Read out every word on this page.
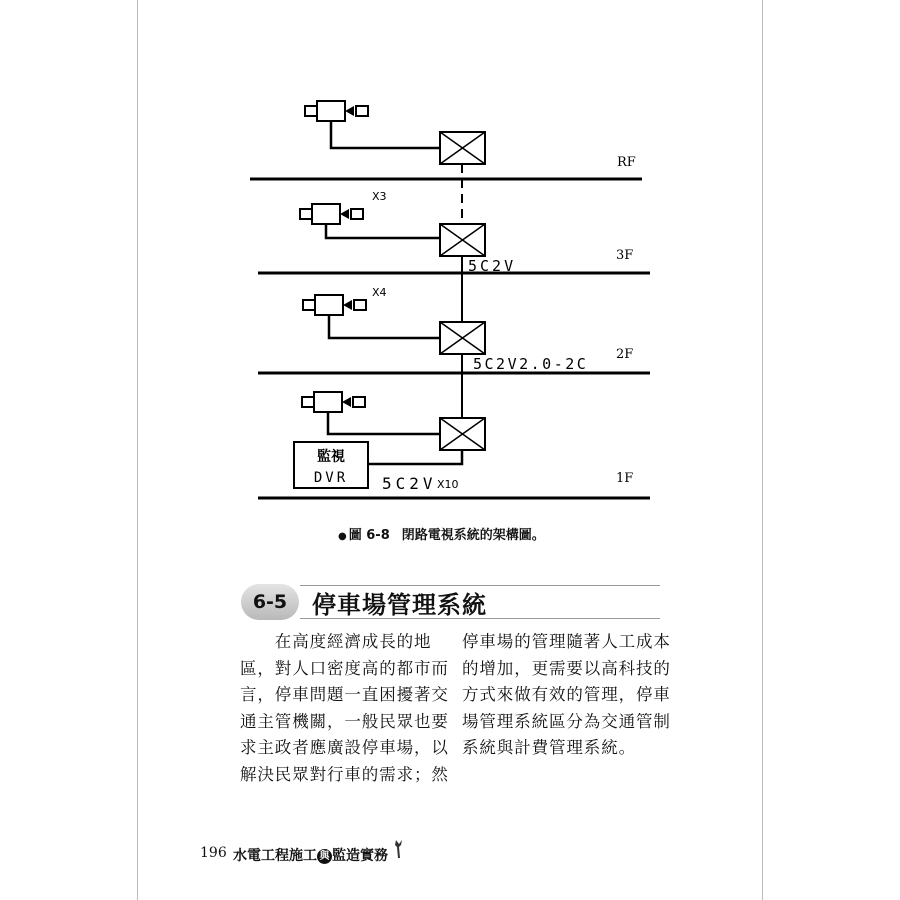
RF
3F
2F
1F
X3
X4
5C2V
5C2V2.0-2C
5C2V X10
監視
DVR
● 圖 6-8 閉路電視系統的架構圖。
6-5	停車場管理系統
　　在高度經濟成長的地
區，對人口密度高的都市而
言，停車問題一直困擾著交
通主管機關，一般民眾也要
求主政者應廣設停車場，以
解決民眾對行車的需求；然
停車場的管理隨著人工成本
的增加，更需要以高科技的
方式來做有效的管理，停車
場管理系統區分為交通管制
系統與計費管理系統。
196 水電工程施工 與 監造實務
